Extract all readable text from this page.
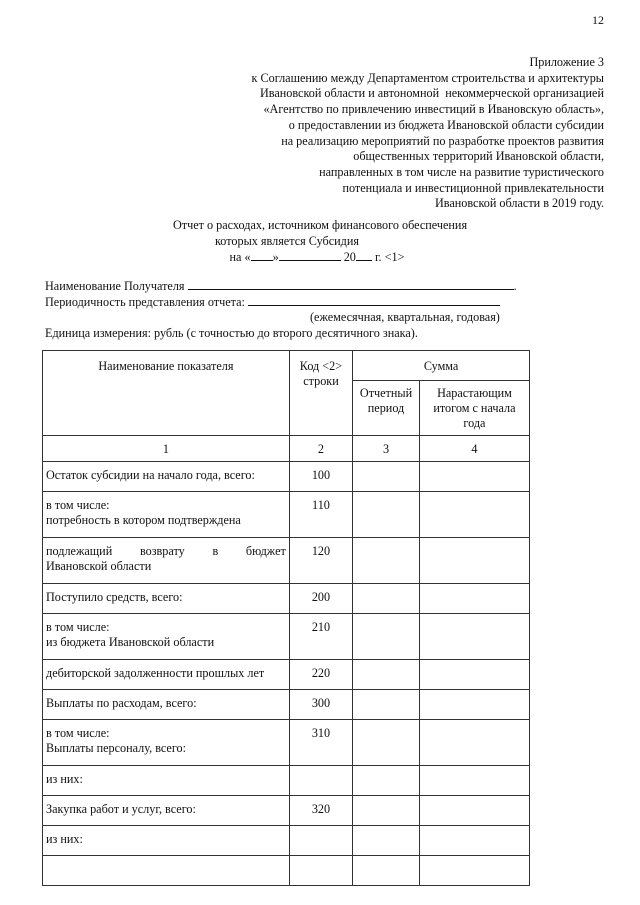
12
Приложение 3
к Соглашению между Департаментом строительства и архитектуры
Ивановской области и автономной  некоммерческой организацией
«Агентство по привлечению инвестиций в Ивановскую область»,
о предоставлении из бюджета Ивановской области субсидии
на реализацию мероприятий по разработке проектов развития
общественных территорий Ивановской области,
направленных в том числе на развитие туристического
потенциала и инвестиционной привлекательности
Ивановской области в 2019 году.
Отчет о расходах, источником финансового обеспечения
которых является Субсидия
на « »	20 г. <1>
Наименование Получателя	.
Периодичность представления отчета:
(ежемесячная, квартальная, годовая)
Единица измерения: рубль (с точностью до второго десятичного знака).
Наименование показателя	Код <2> строки	Сумма	
		Отчетный период	Нарастающим итогом с начала года
1	2	3	4

Остаток субсидии на начало года, всего:	100		

в том числе:
потребность в котором подтверждена	110		

подлежащий возврату в бюджет
Ивановской области	120		

Поступило средств, всего:	200		

в том числе:
из бюджета Ивановской области	210		

дебиторской задолженности прошлых лет	220		

Выплаты по расходам, всего:	300		

в том числе:
Выплаты персоналу, всего:	310		

из них:			

Закупка работ и услуг, всего:	320		

из них:			
